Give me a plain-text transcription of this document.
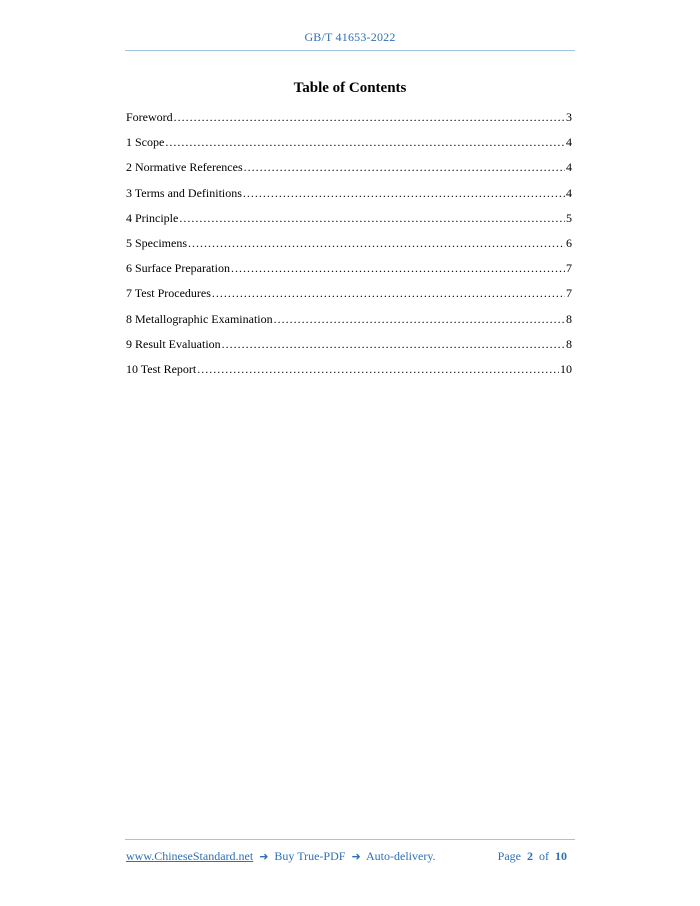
GB/T 41653-2022
Table of Contents
Foreword .....	3
1 Scope .....	4
2 Normative References .....	4
3 Terms and Definitions .....	4
4 Principle .....	5
5 Specimens .....	6
6 Surface Preparation .....	7
7 Test Procedures .....	7
8 Metallographic Examination .....	8
9 Result Evaluation .....	8
10 Test Report .....	10
www.ChineseStandard.net ➜ Buy True-PDF ➜ Auto-delivery.	Page 2 of 10
